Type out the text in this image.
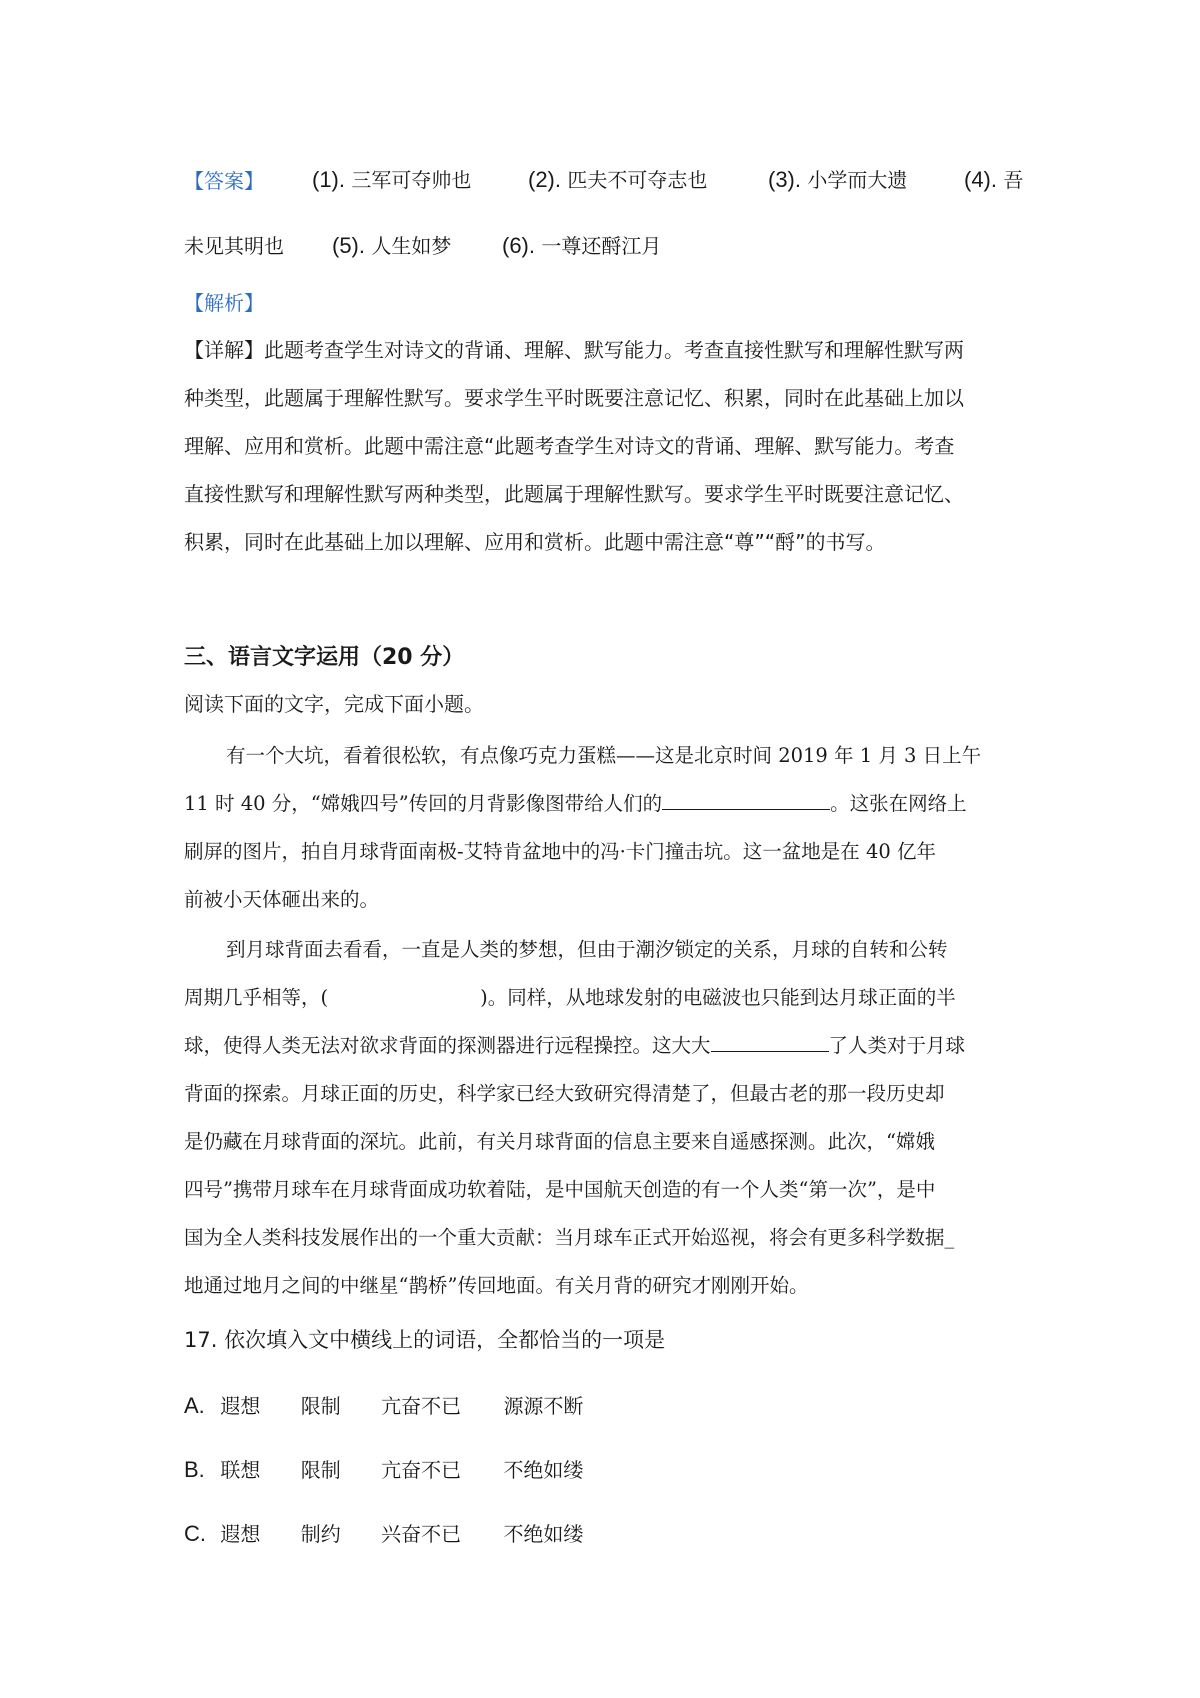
【答案】 (1). 三军可夺帅也	(2). 匹夫不可夺志也	(3). 小学而大遗	(4). 吾
未见其明也 (5). 人生如梦 (6). 一尊还酹江月
【解析】
【详解】此题考查学生对诗文的背诵、理解、默写能力。考查直接性默写和理解性默写两
种类型，此题属于理解性默写。要求学生平时既要注意记忆、积累，同时在此基础上加以
理解、应用和赏析。此题中需注意“此题考查学生对诗文的背诵、理解、默写能力。考查
直接性默写和理解性默写两种类型，此题属于理解性默写。要求学生平时既要注意记忆、
积累，同时在此基础上加以理解、应用和赏析。此题中需注意“尊”“酹”的书写。
三、语言文字运用（20 分）
阅读下面的文字，完成下面小题。
有一个大坑，看着很松软，有点像巧克力蛋糕——这是北京时间 2019 年 1 月 3 日上午
11 时 40 分，“嫦娥四号”传回的月背影像图带给人们的	。这张在网络上
刷屏的图片，拍自月球背面南极-艾特肯盆地中的冯·卡门撞击坑。这一盆地是在 40 亿年
前被小天体砸出来的。
到月球背面去看看，一直是人类的梦想，但由于潮汐锁定的关系，月球的自转和公转
周期几乎相等，(	)。同样，从地球发射的电磁波也只能到达月球正面的半
球，使得人类无法对欲求背面的探测器进行远程操控。这大大	了人类对于月球
背面的探索。月球正面的历史，科学家已经大致研究得清楚了，但最古老的那一段历史却
是仍藏在月球背面的深坑。此前，有关月球背面的信息主要来自遥感探测。此次，“嫦娥
四号”携带月球车在月球背面成功软着陆，是中国航天创造的有一个人类“第一次”，是中
国为全人类科技发展作出的一个重大贡献：当月球车正式开始巡视，将会有更多科学数据_
地通过地月之间的中继星“鹊桥”传回地面。有关月背的研究才刚刚开始。
17. 依次填入文中横线上的词语，全都恰当的一项是
A. 遐想 限制 亢奋不已 源源不断
B. 联想 限制 亢奋不已 不绝如缕
C. 遐想 制约 兴奋不已 不绝如缕
